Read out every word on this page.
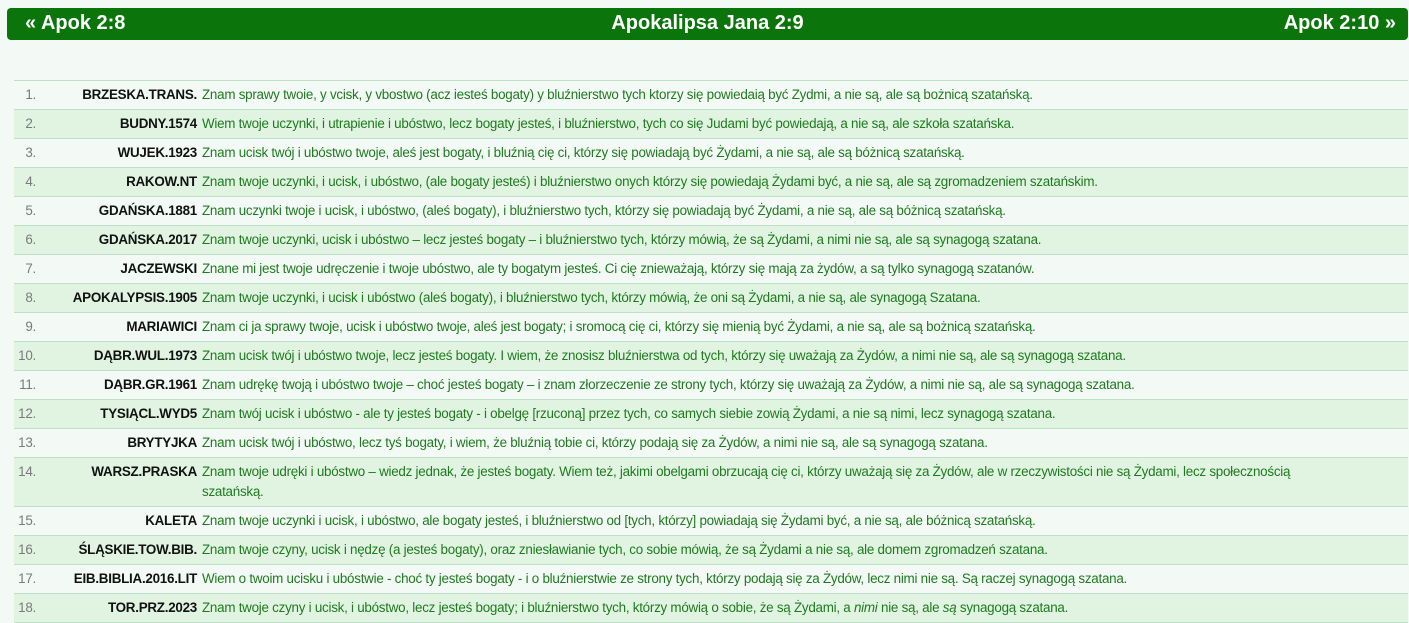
« Apok 2:8	Apokalipsa Jana 2:9	Apok 2:10 »
1.	BRZESKA.TRANS.	Znam sprawy twoie, y vcisk, y vbostwo (acz iesteś bogaty) y bluźnierstwo tych ktorzy się powiedaią być Zydmi, a nie są, ale są bożnicą szatańską.
2.	BUDNY.1574	Wiem twoje uczynki, i utrapienie i ubóstwo, lecz bogaty jesteś, i bluźnierstwo, tych co się Judami być powiedają, a nie są, ale szkoła szatańska.
3.	WUJEK.1923	Znam ucisk twój i ubóstwo twoje, aleś jest bogaty, i bluźnią cię ci, którzy się powiadają być Żydami, a nie są, ale są bóżnicą szatańską.
4.	RAKOW.NT	Znam twoje uczynki, i ucisk, i ubóstwo, (ale bogaty jesteś) i bluźnierstwo onych którzy się powiedają Żydami być, a nie są, ale są zgromadzeniem szatańskim.
5.	GDAŃSKA.1881	Znam uczynki twoje i ucisk, i ubóstwo, (aleś bogaty), i bluźnierstwo tych, którzy się powiadają być Żydami, a nie są, ale są bóżnicą szatańską.
6.	GDAŃSKA.2017	Znam twoje uczynki, ucisk i ubóstwo – lecz jesteś bogaty – i bluźnierstwo tych, którzy mówią, że są Żydami, a nimi nie są, ale są synagogą szatana.
7.	JACZEWSKI	Znane mi jest twoje udręczenie i twoje ubóstwo, ale ty bogatym jesteś. Ci cię znieważają, którzy się mają za żydów, a są tylko synagogą szatanów.
8.	APOKALYPSIS.1905	Znam twoje uczynki, i ucisk i ubóstwo (aleś bogaty), i bluźnierstwo tych, którzy mówią, że oni są Żydami, a nie są, ale synagogą Szatana.
9.	MARIAWICI	Znam ci ja sprawy twoje, ucisk i ubóstwo twoje, aleś jest bogaty; i sromocą cię ci, którzy się mienią być Żydami, a nie są, ale są bożnicą szatańską.
10.	DĄBR.WUL.1973	Znam ucisk twój i ubóstwo twoje, lecz jesteś bogaty. I wiem, że znosisz bluźnierstwa od tych, którzy się uważają za Żydów, a nimi nie są, ale są synagogą szatana.
11.	DĄBR.GR.1961	Znam udrękę twoją i ubóstwo twoje – choć jesteś bogaty – i znam złorzeczenie ze strony tych, którzy się uważają za Żydów, a nimi nie są, ale są synagogą szatana.
12.	TYSIĄCL.WYD5	Znam twój ucisk i ubóstwo - ale ty jesteś bogaty - i obelgę [rzuconą] przez tych, co samych siebie zowią Żydami, a nie są nimi, lecz synagogą szatana.
13.	BRYTYJKA	Znam ucisk twój i ubóstwo, lecz tyś bogaty, i wiem, że bluźnią tobie ci, którzy podają się za Żydów, a nimi nie są, ale są synagogą szatana.
14.	WARSZ.PRASKA	Znam twoje udręki i ubóstwo – wiedz jednak, że jesteś bogaty. Wiem też, jakimi obelgami obrzucają cię ci, którzy uważają się za Żydów, ale w rzeczywistości nie są Żydami, lecz społecznością szatańską.
15.	KALETA	Znam twoje uczynki i ucisk, i ubóstwo, ale bogaty jesteś, i bluźnierstwo od [tych, którzy] powiadają się Żydami być, a nie są, ale bóżnicą szatańską.
16.	ŚLĄSKIE.TOW.BIB.	Znam twoje czyny, ucisk i nędzę (a jesteś bogaty), oraz zniesławianie tych, co sobie mówią, że są Żydami a nie są, ale domem zgromadzeń szatana.
17.	EIB.BIBLIA.2016.LIT	Wiem o twoim ucisku i ubóstwie - choć ty jesteś bogaty - i o bluźnierstwie ze strony tych, którzy podają się za Żydów, lecz nimi nie są. Są raczej synagogą szatana.
18.	TOR.PRZ.2023	Znam twoje czyny i ucisk, i ubóstwo, lecz jesteś bogaty; i bluźnierstwo tych, którzy mówią o sobie, że są Żydami, a nimi nie są, ale są synagogą szatana.
